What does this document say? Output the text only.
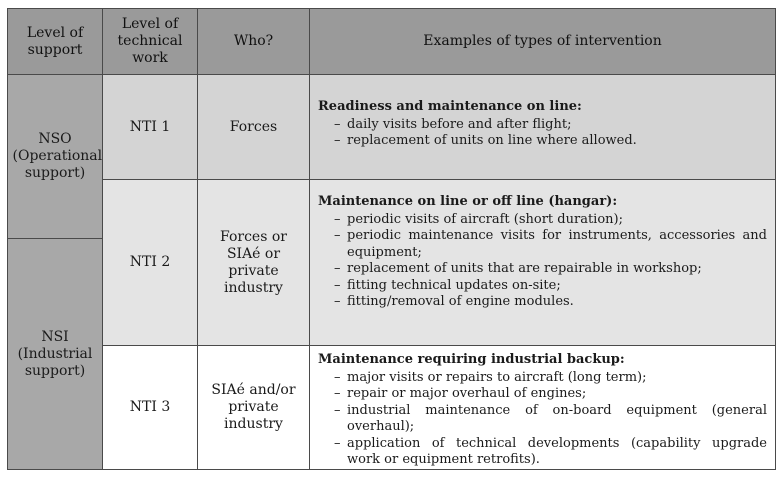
Level of support
Level of technical work
Who?	Examples of types of intervention
NSO (Operational support)
NSI (Industrial support)
NTI 1	Forces
Readiness and maintenance on line:
– daily visits before and after flight;
– replacement of units on line where allowed.
NTI 2
Forces or SIAé or private industry
Maintenance on line or off line (hangar):
– periodic visits of aircraft (short duration);
– periodic maintenance visits for instruments, accessories and equipment;
– replacement of units that are repairable in workshop;
– fitting technical updates on-site;
– fitting/removal of engine modules.
NTI 3
SIAé and/or private industry
Maintenance requiring industrial backup:
– major visits or repairs to aircraft (long term);
– repair or major overhaul of engines;
– industrial maintenance of on-board equipment (general overhaul);
– application of technical developments (capability upgrade work or equipment retrofits).
